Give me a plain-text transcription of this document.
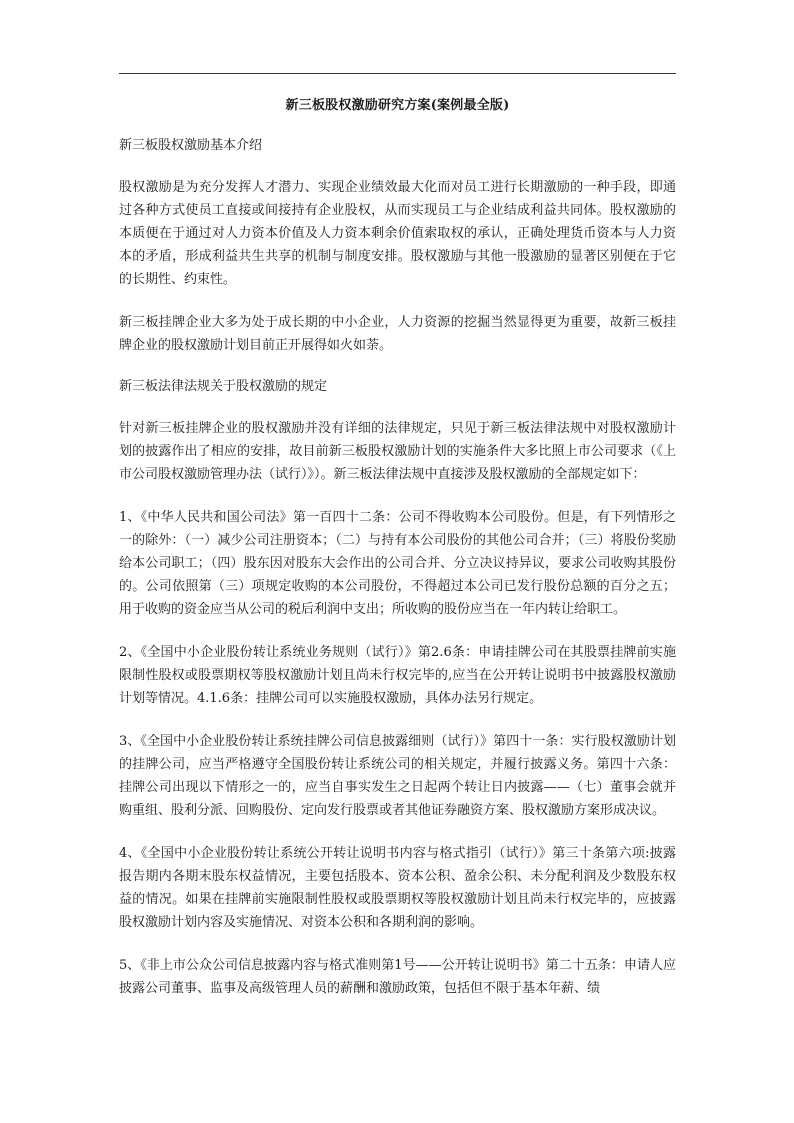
新三板股权激励研究方案(案例最全版)
新三板股权激励基本介绍

股权激励是为充分发挥人才潜力、实现企业绩效最大化而对员工进行长期激励的一种手段，即通过各种方式使员工直接或间接持有企业股权，从而实现员工与企业结成利益共同体。股权激励的本质便在于通过对人力资本价值及人力资本剩余价值索取权的承认，正确处理货币资本与人力资本的矛盾，形成利益共生共享的机制与制度安排。股权激励与其他一股激励的显著区别便在于它的长期性、约束性。

新三板挂牌企业大多为处于成长期的中小企业，人力资源的挖掘当然显得更为重要，故新三板挂牌企业的股权激励计划目前正开展得如火如荼。

新三板法律法规关于股权激励的规定

针对新三板挂牌企业的股权激励并没有详细的法律规定，只见于新三板法律法规中对股权激励计划的披露作出了相应的安排，故目前新三板股权激励计划的实施条件大多比照上市公司要求（《上市公司股权激励管理办法（试行）》）。新三板法律法规中直接涉及股权激励的全部规定如下：

1、《中华人民共和国公司法》第一百四十二条：公司不得收购本公司股份。但是，有下列情形之一的除外：（一）减少公司注册资本；（二）与持有本公司股份的其他公司合并；（三）将股份奖励给本公司职工；（四）股东因对股东大会作出的公司合并、分立决议持异议，要求公司收购其股份的。公司依照第（三）项规定收购的本公司股份，不得超过本公司已发行股份总额的百分之五；用于收购的资金应当从公司的税后利润中支出；所收购的股份应当在一年内转让给职工。

2、《全国中小企业股份转让系统业务规则（试行）》第2.6条：申请挂牌公司在其股票挂牌前实施限制性股权或股票期权等股权激励计划且尚未行权完毕的,应当在公开转让说明书中披露股权激励计划等情况。4.1.6条：挂牌公司可以实施股权激励，具体办法另行规定。

3、《全国中小企业股份转让系统挂牌公司信息披露细则（试行）》第四十一条：实行股权激励计划的挂牌公司，应当严格遵守全国股份转让系统公司的相关规定，并履行披露义务。第四十六条：挂牌公司出现以下情形之一的，应当自事实发生之日起两个转让日内披露——（七）董事会就并购重组、股利分派、回购股份、定向发行股票或者其他证券融资方案、股权激励方案形成决议。

4、《全国中小企业股份转让系统公开转让说明书内容与格式指引（试行）》第三十条第六项:披露报告期内各期末股东权益情况，主要包括股本、资本公积、盈余公积、未分配利润及少数股东权益的情况。如果在挂牌前实施限制性股权或股票期权等股权激励计划且尚未行权完毕的，应披露股权激励计划内容及实施情况、对资本公积和各期利润的影响。

5、《非上市公众公司信息披露内容与格式准则第1号——公开转让说明书》第二十五条：申请人应披露公司董事、监事及高级管理人员的薪酬和激励政策，包括但不限于基本年薪、绩
